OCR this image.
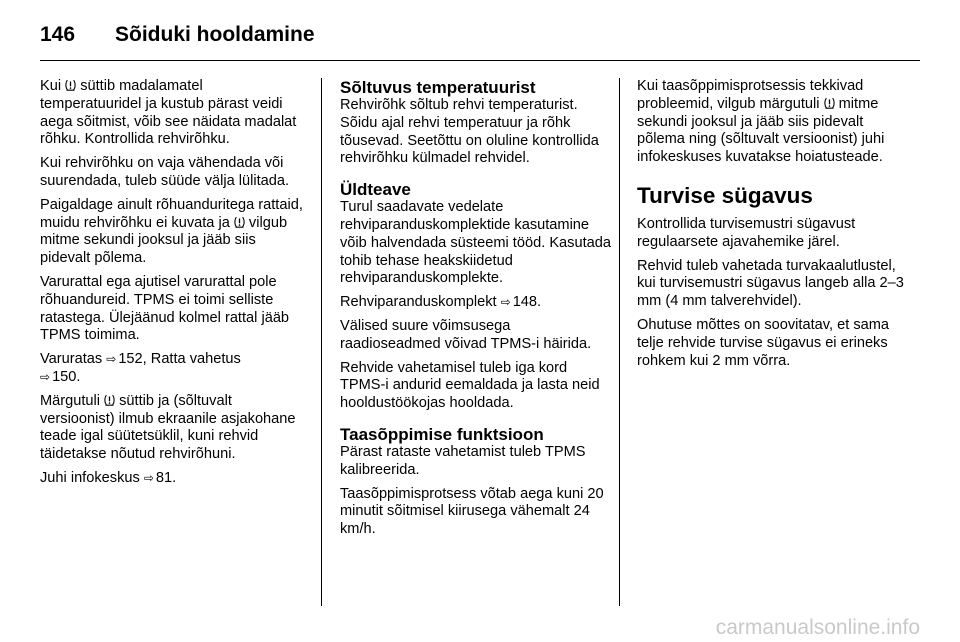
146 Sõiduki hooldamine

Kui
süttib madalamatel temperatuuridel ja kustub pärast veidi aega sõitmist, võib see näidata madalat rõhku. Kontrollida rehvirõhku.

Kui rehvirõhku on vaja vähendada või suurendada, tuleb süüde välja lülitada.

Paigaldage ainult rõhuanduritega rattaid, muidu rehvirõhku ei kuvata ja
vilgub mitme sekundi jooksul ja jääb siis pidevalt põlema.

Varurattal ega ajutisel varurattal pole rõhuandureid. TPMS ei toimi selliste ratastega. Ülejäänud kolmel rattal jääb TPMS toimima.

Varuratas ⇨ 152, Ratta vahetus
⇨ 150.

Märgutuli
süttib ja (sõltuvalt versioonist) ilmub ekraanile asjakohane teade igal süütetsüklil, kuni rehvid täidetakse nõutud rehvirõhuni.

Juhi infokeskus ⇨ 81.

Sõltuvus temperatuurist

Rehvirõhk sõltub rehvi temperaturist. Sõidu ajal rehvi temperatuur ja rõhk tõusevad. Seetõttu on oluline kontrollida rehvirõhku külmadel rehvidel.

Üldteave

Turul saadavate vedelate rehviparanduskomplektide kasutamine võib halvendada süsteemi tööd. Kasutada tohib tehase heakskiidetud rehviparanduskomplekte.

Rehviparanduskomplekt ⇨ 148.

Välised suure võimsusega raadioseadmed võivad TPMS-i häirida.

Rehvide vahetamisel tuleb iga kord TPMS-i andurid eemaldada ja lasta neid hooldustöökojas hooldada.

Taasõppimise funktsioon

Pärast rataste vahetamist tuleb TPMS kalibreerida.

Taasõppimisprotsess võtab aega kuni 20 minutit sõitmisel kiirusega vähemalt 24 km/h.

Kui taasõppimisprotsessis tekkivad probleemid, vilgub märgutuli
mitme sekundi jooksul ja jääb siis pidevalt põlema ning (sõltuvalt versioonist) juhi infokeskuses kuvatakse hoiatusteade.

Turvise sügavus

Kontrollida turvisemustri sügavust regulaarsete ajavahemike järel.

Rehvid tuleb vahetada turvakaalutlustel, kui turvisemustri sügavus langeb alla 2–3 mm (4 mm talverehvidel).

Ohutuse mõttes on soovitatav, et sama telje rehvide turvise sügavus ei erineks rohkem kui 2 mm võrra.

carmanualsonline.info
